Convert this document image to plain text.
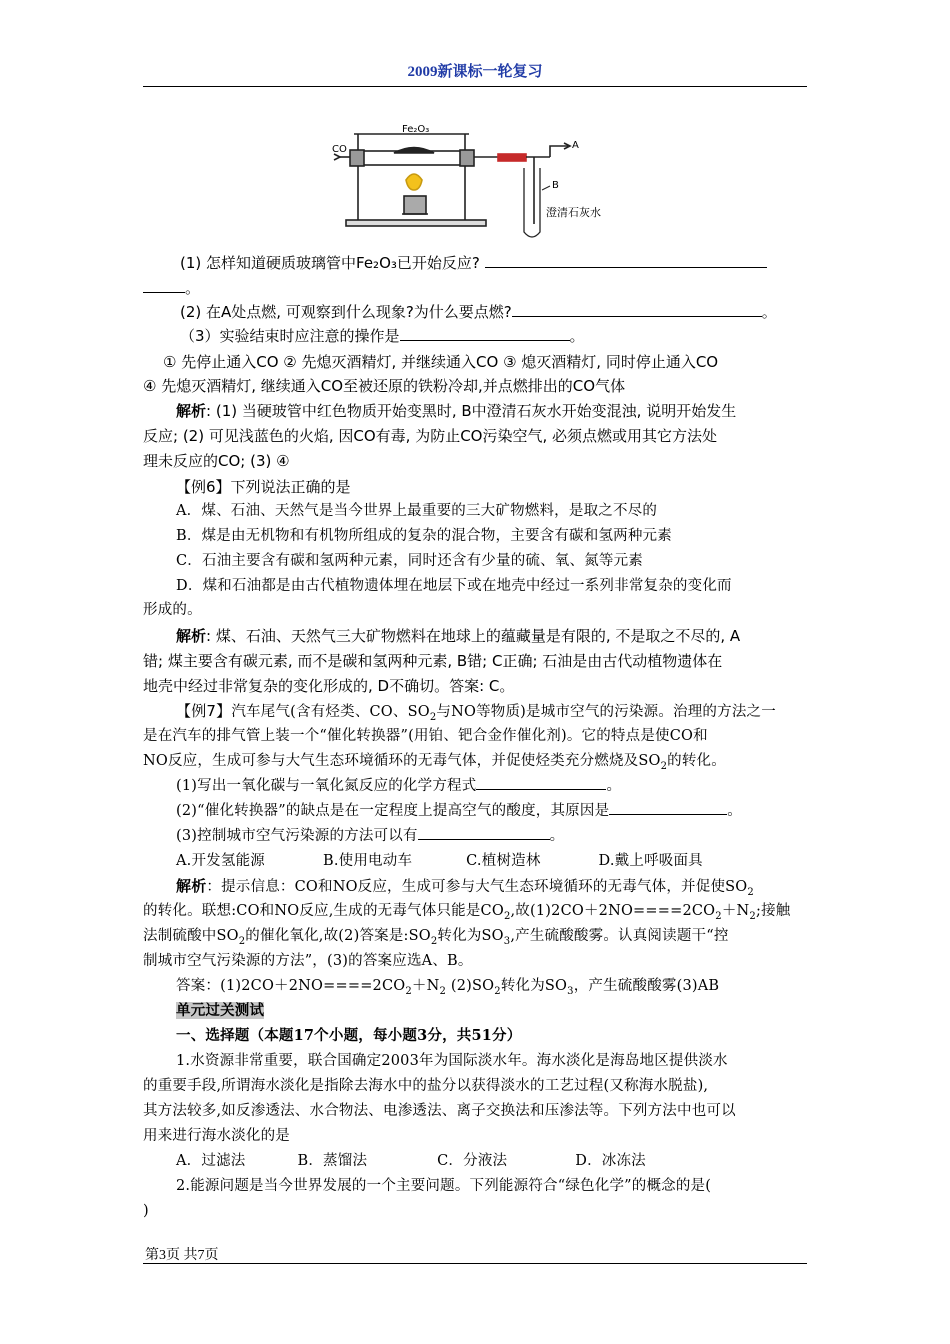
2009新课标一轮复习
CO
Fe₂O₃
A
B
澄清石灰水
(1) 怎样知道硬质玻璃管中Fe₂O₃已开始反应?
。
(2) 在A处点燃, 可观察到什么现象?为什么要点燃?	。
（3）实验结束时应注意的操作是	。
① 先停止通入CO ② 先熄灭酒精灯, 并继续通入CO ③ 熄灭酒精灯, 同时停止通入CO
④ 先熄灭酒精灯, 继续通入CO至被还原的铁粉冷却,并点燃排出的CO气体
解析: (1) 当硬玻管中红色物质开始变黑时, B中澄清石灰水开始变混浊, 说明开始发生
反应; (2) 可见浅蓝色的火焰, 因CO有毒, 为防止CO污染空气, 必须点燃或用其它方法处
理未反应的CO; (3) ④
【例6】下列说法正确的是
A．煤、石油、天然气是当今世界上最重要的三大矿物燃料，是取之不尽的
B．煤是由无机物和有机物所组成的复杂的混合物，主要含有碳和氢两种元素
C．石油主要含有碳和氢两种元素，同时还含有少量的硫、氧、氮等元素
D．煤和石油都是由古代植物遗体埋在地层下或在地壳中经过一系列非常复杂的变化而
形成的。
解析: 煤、石油、天然气三大矿物燃料在地球上的蕴藏量是有限的, 不是取之不尽的, A
错; 煤主要含有碳元素, 而不是碳和氢两种元素, B错; C正确; 石油是由古代动植物遗体在
地壳中经过非常复杂的变化形成的, D不确切。答案: C。
【例7】汽车尾气(含有烃类、CO、$SO_2$与NO等物质)是城市空气的污染源。治理的方法之一
是在汽车的排气管上装一个“催化转换器”(用铂、钯合金作催化剂)。它的特点是使CO和
NO反应，生成可参与大气生态环境循环的无毒气体，并促使烃类充分燃烧及$SO_2$的转化。
(1)写出一氧化碳与一氧化氮反应的化学方程式	。
(2)“催化转换器”的缺点是在一定程度上提高空气的酸度，其原因是	。
(3)控制城市空气污染源的方法可以有	。
A.开发氢能源	B.使用电动车	C.植树造林	D.戴上呼吸面具
解析：提示信息：CO和NO反应，生成可参与大气生态环境循环的无毒气体，并促使$SO_2$
的转化。联想:CO和NO反应,生成的无毒气体只能是$CO_2$,故$(1)2CO+2NO====2CO_2+N_2$;接触
法制硫酸中$SO_2$的催化氧化,故(2)答案是$:SO_2$转化为$SO_3$,产生硫酸酸雾。认真阅读题干“控
制城市空气污染源的方法”，(3)的答案应选A、B。
答案：$(1)2CO+2NO====2CO_2+N_2$ $(2)SO_2$转化为$SO_3$，产生硫酸酸雾(3)AB
单元过关测试
一、选择题（本题17个小题，每小题3分，共51分）
1.水资源非常重要，联合国确定2003年为国际淡水年。海水淡化是海岛地区提供淡水
的重要手段,所谓海水淡化是指除去海水中的盐分以获得淡水的工艺过程(又称海水脱盐),
其方法较多,如反渗透法、水合物法、电渗透法、离子交换法和压渗法等。下列方法中也可以
用来进行海水淡化的是
A．过滤法	B．蒸馏法	C．分液法	D．冰冻法
2.能源问题是当今世界发展的一个主要问题。下列能源符合“绿色化学”的概念的是(
)
第3页 共7页
